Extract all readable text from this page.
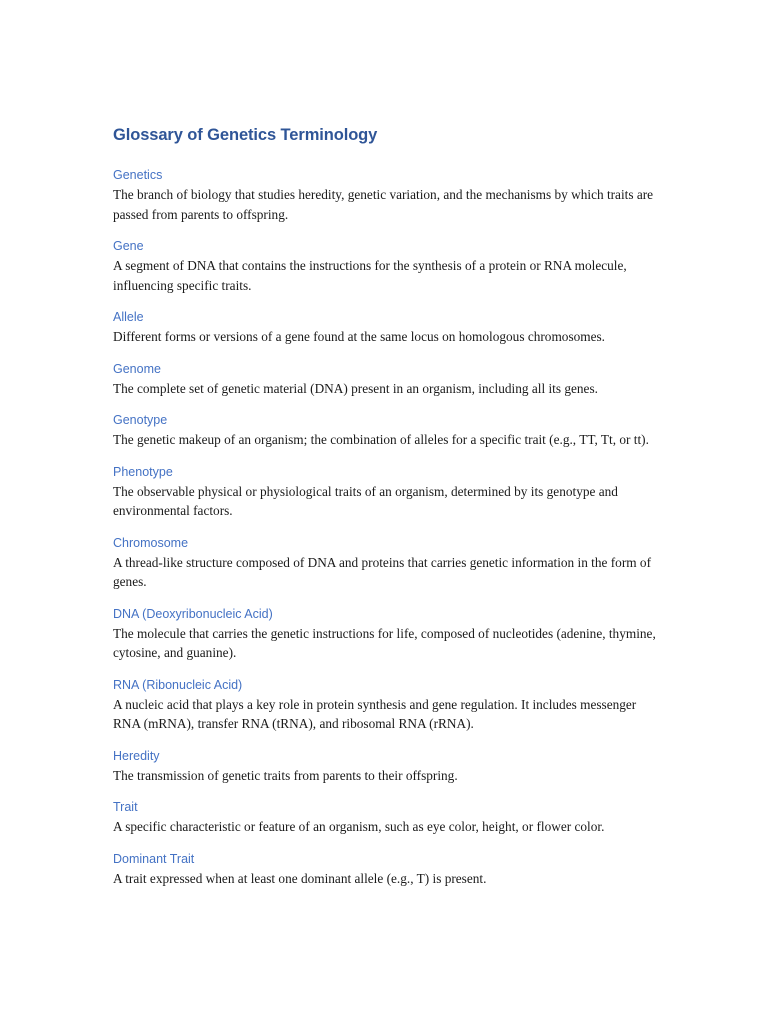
Glossary of Genetics Terminology
Genetics

The branch of biology that studies heredity, genetic variation, and the mechanisms by which traits are passed from parents to offspring.

Gene

A segment of DNA that contains the instructions for the synthesis of a protein or RNA molecule, influencing specific traits.

Allele

Different forms or versions of a gene found at the same locus on homologous chromosomes.

Genome

The complete set of genetic material (DNA) present in an organism, including all its genes.

Genotype

The genetic makeup of an organism; the combination of alleles for a specific trait (e.g., TT, Tt, or tt).

Phenotype

The observable physical or physiological traits of an organism, determined by its genotype and environmental factors.

Chromosome

A thread-like structure composed of DNA and proteins that carries genetic information in the form of genes.

DNA (Deoxyribonucleic Acid)

The molecule that carries the genetic instructions for life, composed of nucleotides (adenine, thymine, cytosine, and guanine).

RNA (Ribonucleic Acid)

A nucleic acid that plays a key role in protein synthesis and gene regulation. It includes messenger RNA (mRNA), transfer RNA (tRNA), and ribosomal RNA (rRNA).

Heredity

The transmission of genetic traits from parents to their offspring.

Trait

A specific characteristic or feature of an organism, such as eye color, height, or flower color.

Dominant Trait

A trait expressed when at least one dominant allele (e.g., T) is present.
